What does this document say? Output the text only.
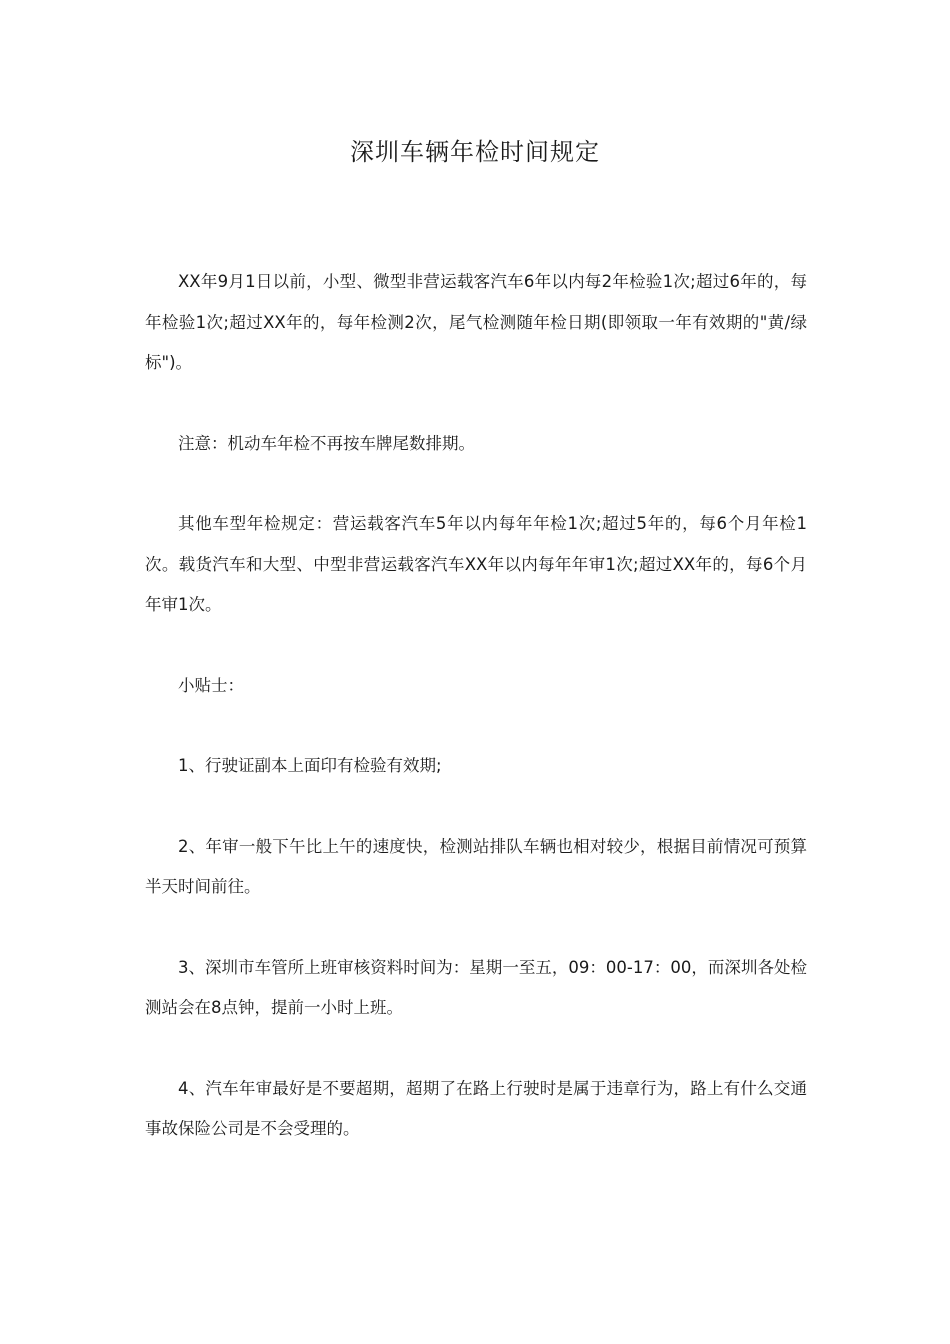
深圳车辆年检时间规定

XX年9月1日以前，小型、微型非营运载客汽车6年以内每2年检验1次;超过6年的，每年检验1次;超过XX年的，每年检测2次，尾气检测随年检日期(即领取一年有效期的"黄/绿标")。

注意：机动车年检不再按车牌尾数排期。

其他车型年检规定：营运载客汽车5年以内每年年检1次;超过5年的，每6个月年检1次。载货汽车和大型、中型非营运载客汽车XX年以内每年年审1次;超过XX年的，每6个月年审1次。

小贴士：

1、行驶证副本上面印有检验有效期;

2、年审一般下午比上午的速度快，检测站排队车辆也相对较少，根据目前情况可预算半天时间前往。

3、深圳市车管所上班审核资料时间为：星期一至五，09：00-17：00，而深圳各处检测站会在8点钟，提前一小时上班。

4、汽车年审最好是不要超期，超期了在路上行驶时是属于违章行为，路上有什么交通事故保险公司是不会受理的。
